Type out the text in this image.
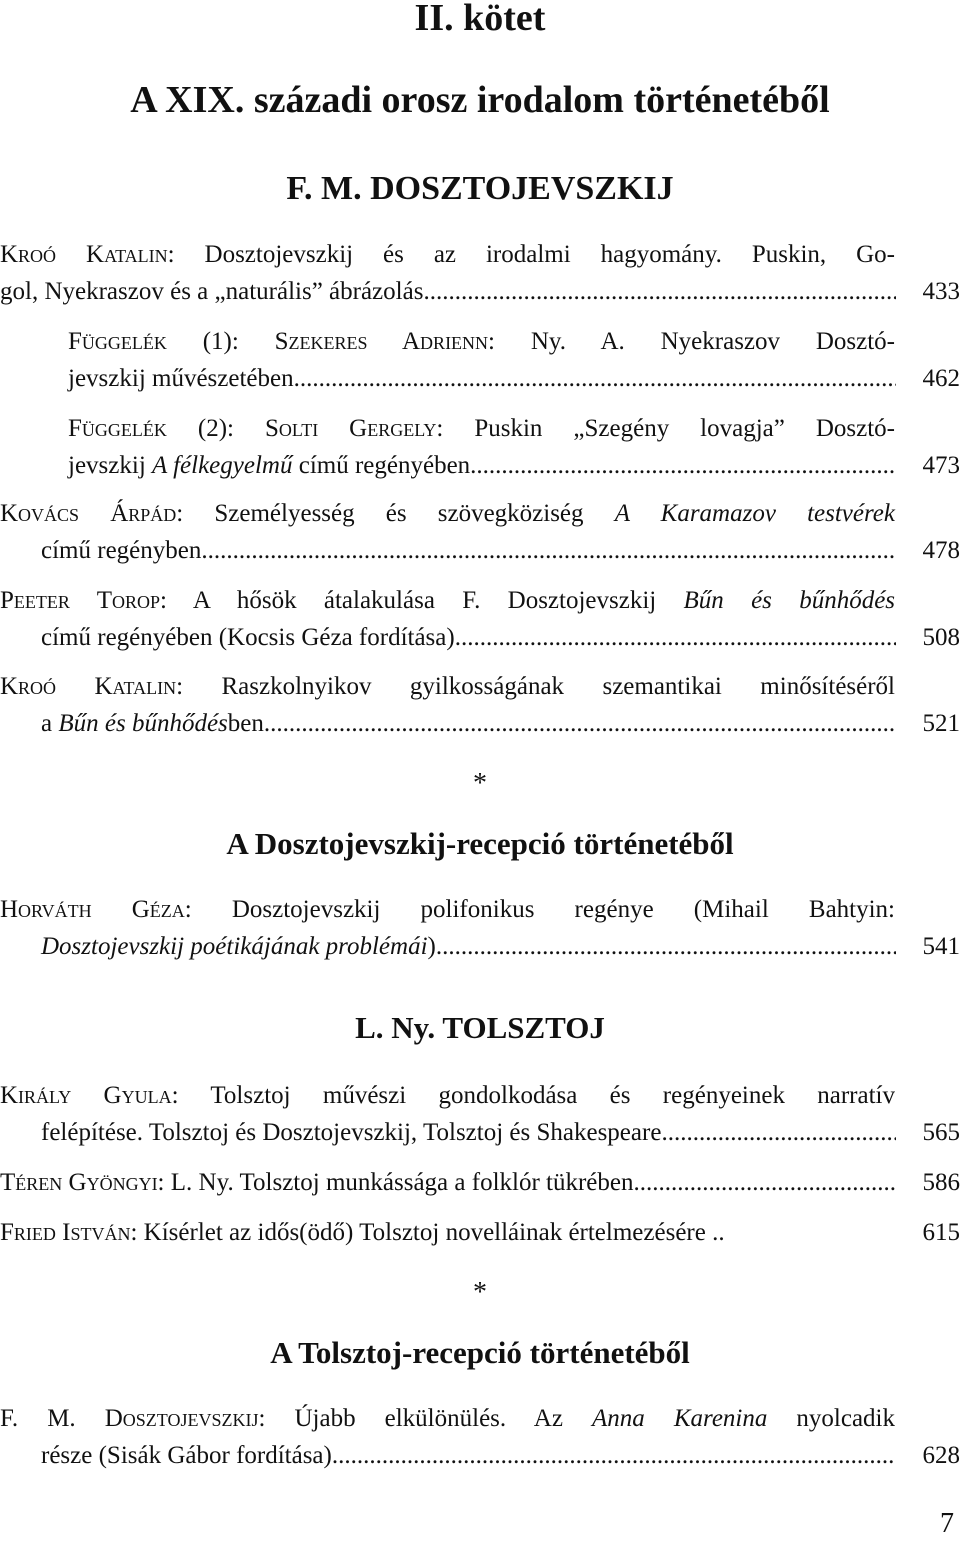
II. kötet
A XIX. századi orosz irodalom történetéből
F. M. DOSZTOJEVSZKIJ
Kroó Katalin: Dosztojevszkij és az irodalmi hagyomány. Puskin, Go-
gol, Nyekraszov és a „naturális” ábrázolás .....	433
Függelék (1): Szekeres Adrienn: Ny. A. Nyekraszov Dosztó-
jevszkij művészetében .....	462
Függelék (2): Solti Gergely: Puskin „Szegény lovagja” Dosztó-
jevszkij A félkegyelmű című regényében .....	473
Kovács Árpád: Személyesség és szövegköziség A Karamazov testvérek
című regényben .....	478
Peeter Torop: A hősök átalakulása F. Dosztojevszkij Bűn és bűnhődés
című regényében (Kocsis Géza fordítása) .....	508
Kroó Katalin: Raszkolnyikov gyilkosságának szemantikai minősítéséről
a Bűn és bűnhődésben .....	521
*
A Dosztojevszkij-recepció történetéből
Horváth Géza: Dosztojevszkij polifonikus regénye (Mihail Bahtyin:
Dosztojevszkij poétikájának problémái) .....	541
L. Ny. TOLSZTOJ
Király Gyula: Tolsztoj művészi gondolkodása és regényeinek narratív
felépítése. Tolsztoj és Dosztojevszkij, Tolsztoj és Shakespeare .....	565
Téren Gyöngyi: L. Ny. Tolsztoj munkássága a folklór tükrében .....	586
Fried István: Kísérlet az idős(ödő) Tolsztoj novelláinak értelmezésére ..	615
*
A Tolsztoj-recepció történetéből
F. M. Dosztojevszkij: Újabb elkülönülés. Az Anna Karenina nyolcadik
része (Sisák Gábor fordítása) .....	628
7
